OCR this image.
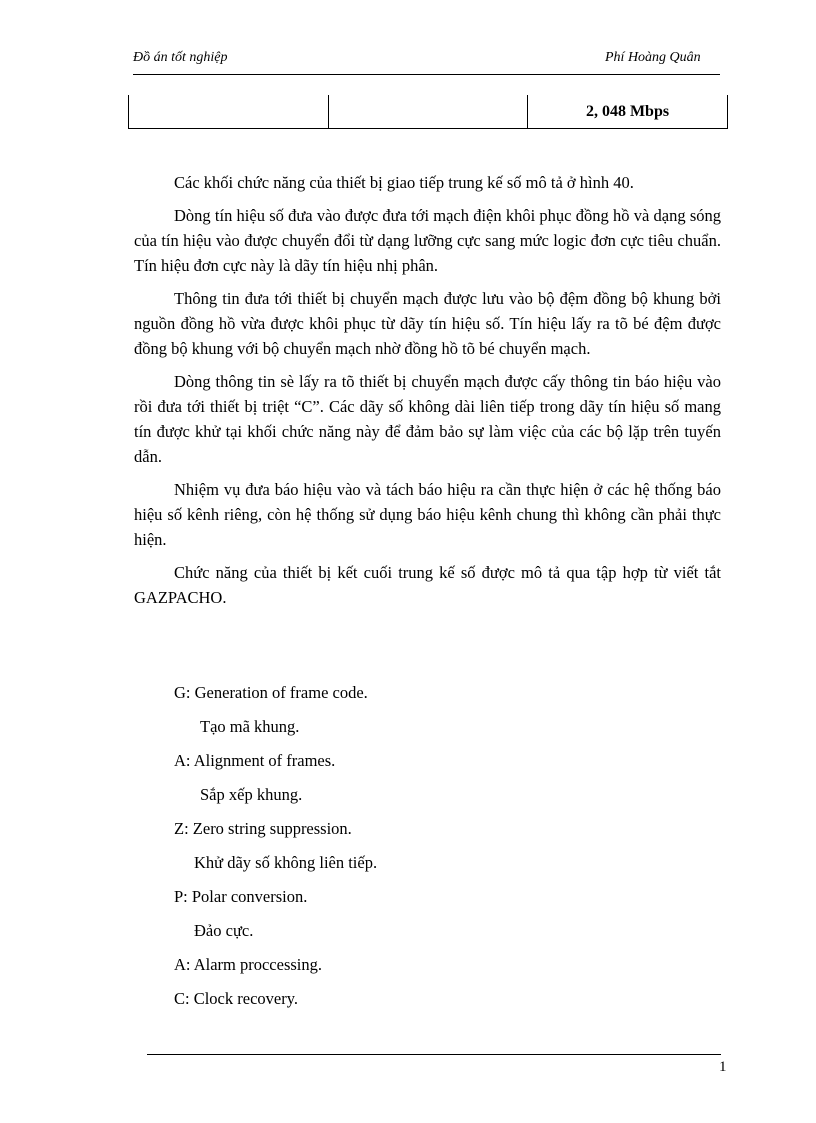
Đồ án tốt nghiệp	Phí Hoàng Quân
		2, 048 Mbps

Các khối chức năng của thiết bị giao tiếp trung kế số mô tả ở hình 40.

Dòng tín hiệu số đưa vào được đưa tới mạch điện khôi phục đồng hồ và dạng sóng của tín hiệu vào được chuyển đổi từ dạng lưỡng cực sang mức logic đơn cực tiêu chuẩn. Tín hiệu đơn cực này là dãy tín hiệu nhị phân.

Thông tin đưa tới thiết bị chuyển mạch được lưu vào bộ đệm đồng bộ khung bởi nguồn đồng hồ vừa được khôi phục từ dãy tín hiệu số. Tín hiệu lấy ra tõ bé đệm được đồng bộ khung với bộ chuyển mạch nhờ đồng hồ tõ bé chuyển mạch.

Dòng thông tin sè lấy ra tõ thiết bị chuyển mạch được cấy thông tin báo hiệu vào rồi đưa tới thiết bị triệt “C”. Các dãy số không dài liên tiếp trong dãy tín hiệu số mang tín được khử tại khối chức năng này để đảm bảo sự làm việc của các bộ lặp trên tuyến dẫn.

Nhiệm vụ đưa báo hiệu vào và tách báo hiệu ra cần thực hiện ở các hệ thống báo hiệu số kênh riêng, còn hệ thống sử dụng báo hiệu kênh chung thì không cần phải thực hiện.

Chức năng của thiết bị kết cuối trung kế số được mô tả qua tập hợp từ viết tắt GAZPACHO.

G: Generation of frame code.
Tạo mã khung.
A: Alignment of frames.
Sắp xếp khung.
Z: Zero string suppression.
Khử dãy số không liên tiếp.
P: Polar conversion.
Đảo cực.
A: Alarm proccessing.
C: Clock recovery.
1
